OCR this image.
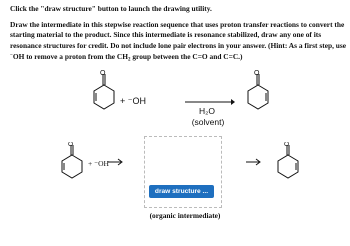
Click the "draw structure" button to launch the drawing utility.
Draw the intermediate in this stepwise reaction sequence that uses proton transfer reactions to convert the starting material to the product. Since this intermediate is resonance stabilized, draw any one of its resonance structures for credit. Do not include lone pair electrons in your answer. (Hint: As a first step, use −OH to remove a proton from the $CH_2$ group between the C=O and C=C.)
O
+ ⁻OH
H₂O
(solvent)
O
O
+ ⁻OH
draw structure ...
(organic intermediate)
O
